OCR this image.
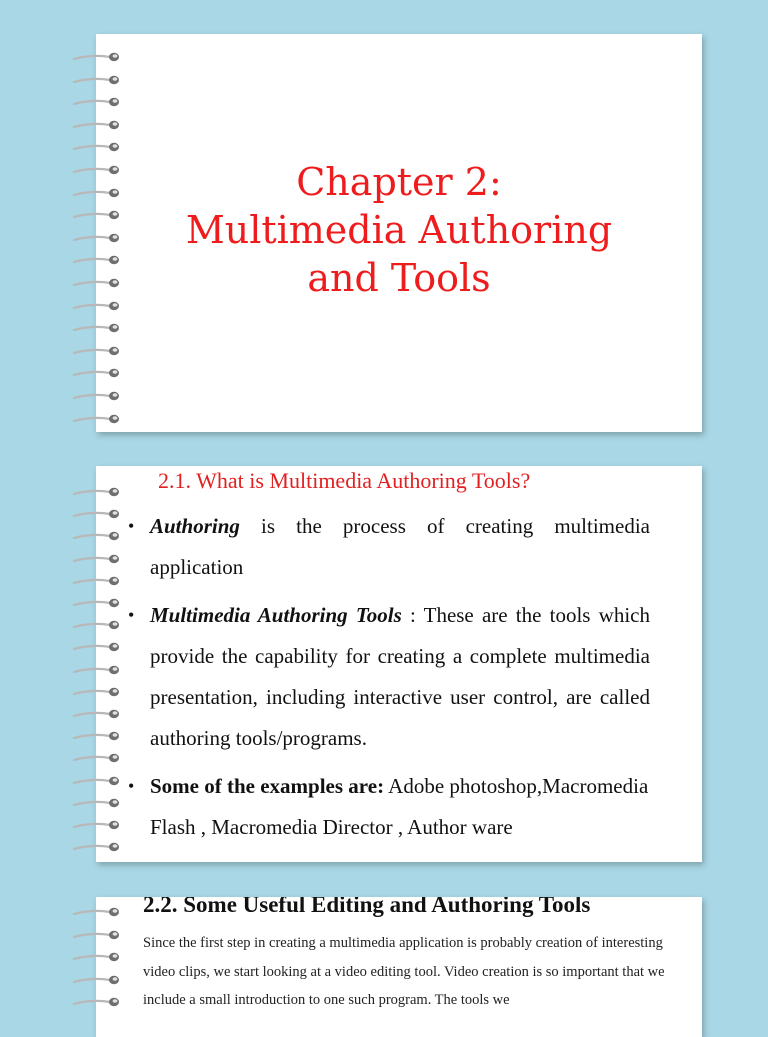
Chapter 2:
Multimedia Authoring
and Tools
2.1. What is Multimedia Authoring Tools?
• Authoring is the process of creating multimedia application
• Multimedia Authoring Tools : These are the tools which provide the capability for creating a complete multimedia presentation, including interactive user control, are called authoring tools/programs.
• Some of the examples are: Adobe photoshop,Macromedia Flash , Macromedia Director , Author ware
2.2. Some Useful Editing and Authoring Tools

Since the first step in creating a multimedia application is probably creation of interesting video clips, we start looking at a video editing tool. Video creation is so important that we include a small introduction to one such program. The tools we
